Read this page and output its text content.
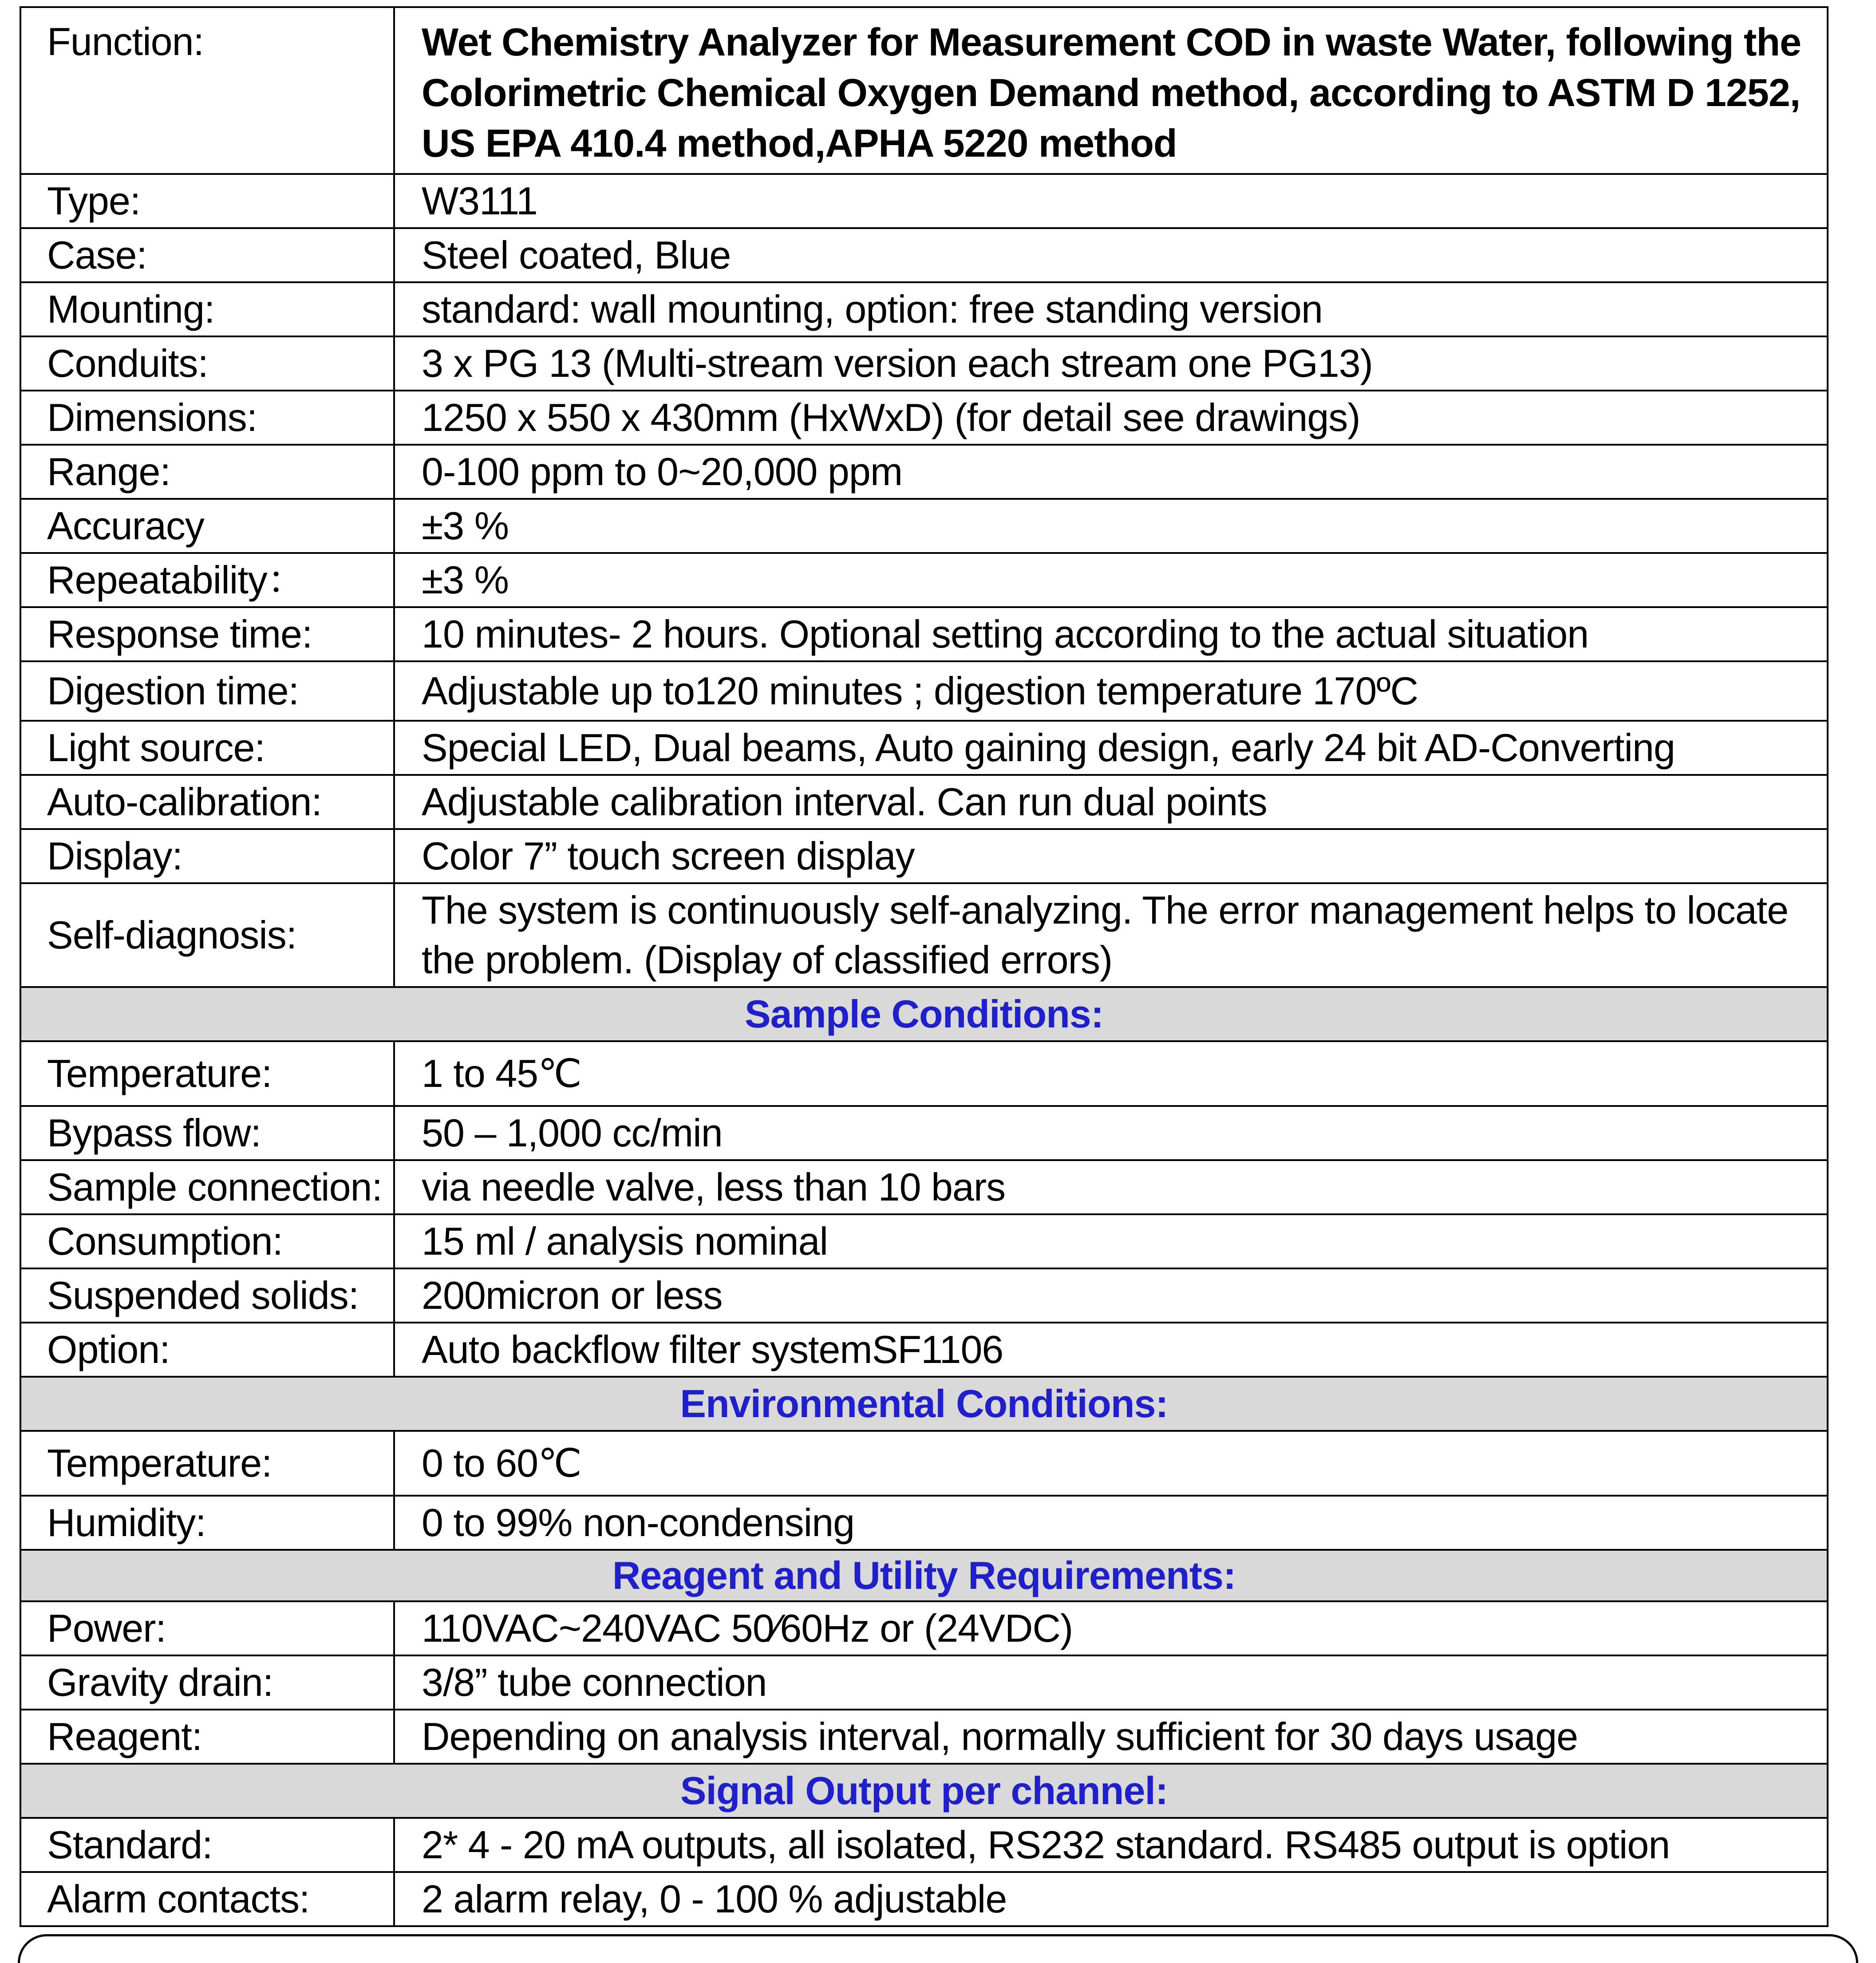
Function:	Wet Chemistry Analyzer for Measurement COD in waste Water, following the Colorimetric Chemical Oxygen Demand method, according to ASTM D 1252, US EPA 410.4 method,APHA 5220 method
Type:	W3111
Case:	Steel coated, Blue
Mounting:	standard: wall mounting, option: free standing version
Conduits:	3 x PG 13 (Multi-stream version each stream one PG13)
Dimensions:	1250 x 550 x 430mm (HxWxD) (for detail see drawings)
Range:	0-100 ppm to 0~20,000 ppm
Accuracy	±3 %
Repeatability：	±3 %
Response time:	10 minutes- 2 hours. Optional setting according to the actual situation
Digestion time:	Adjustable up to120 minutes ; digestion temperature 170ºC
Light source:	Special LED, Dual beams, Auto gaining design, early 24 bit AD-Converting
Auto-calibration:	Adjustable calibration interval. Can run dual points
Display:	Color 7” touch screen display
Self-diagnosis:	The system is continuously self-analyzing. The error management helps to locate the problem. (Display of classified errors)
Sample Conditions:	
Temperature:	1 to 45℃
Bypass flow:	50 – 1,000 cc/min
Sample connection:	via needle valve, less than 10 bars
Consumption:	15 ml / analysis nominal
Suspended solids:	200micron or less
Option:	Auto backflow filter systemSF1106
Environmental Conditions:	
Temperature:	0 to 60℃
Humidity:	0 to 99% non-condensing
Reagent and Utility Requirements:	
Power:	110VAC~240VAC 50⁄60Hz or (24VDC)
Gravity drain:	3/8” tube connection
Reagent:	Depending on analysis interval, normally sufficient for 30 days usage
Signal Output per channel:	
Standard:	2* 4 - 20 mA outputs, all isolated, RS232 standard. RS485 output is option
Alarm contacts:	2 alarm relay, 0 - 100 % adjustable
